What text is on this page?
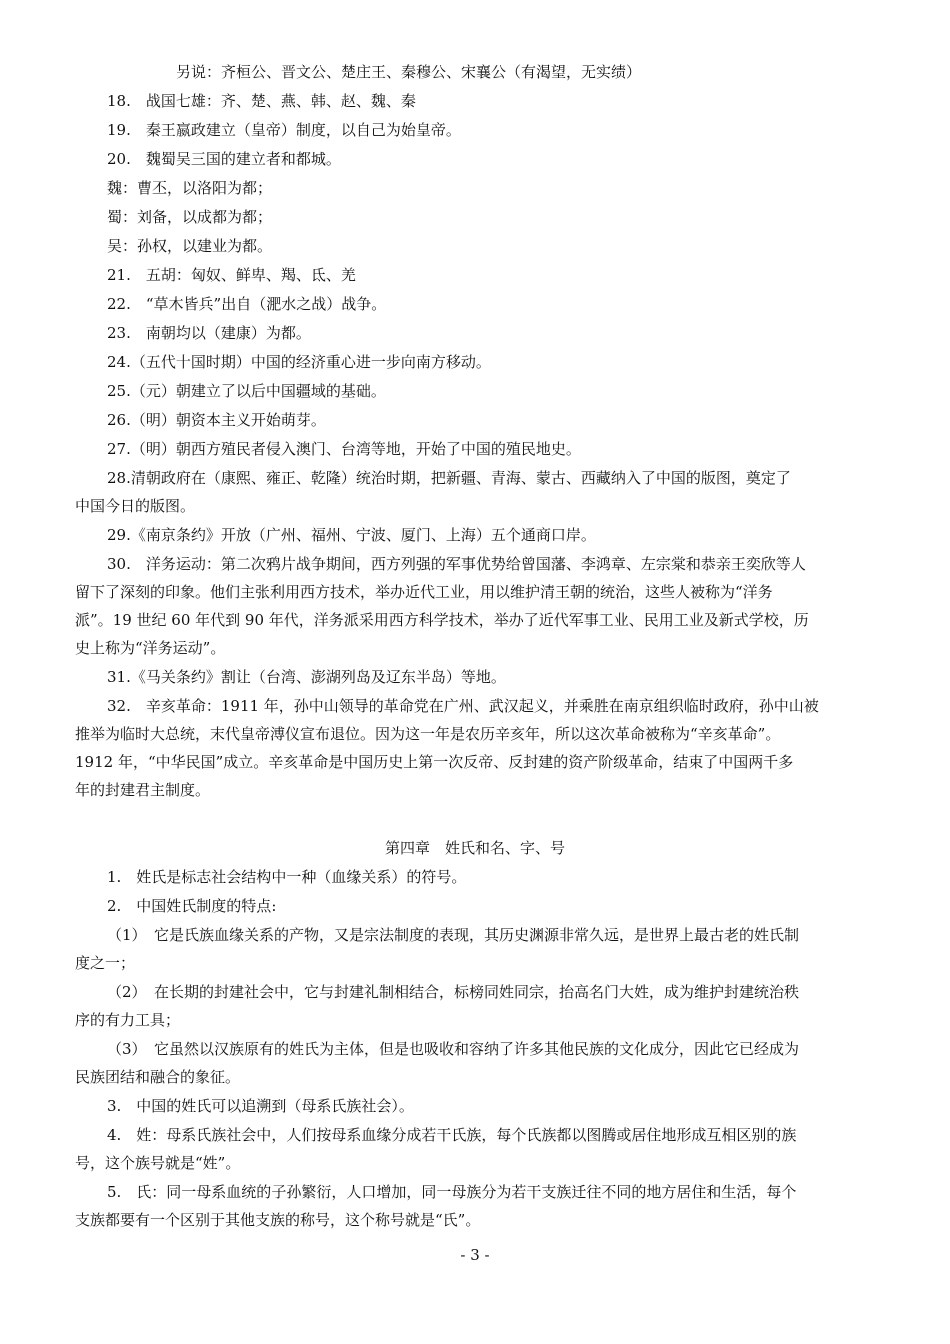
另说：齐桓公、晋文公、楚庄王、秦穆公、宋襄公（有渴望，无实绩）
18.　战国七雄：齐、楚、燕、韩、赵、魏、秦
19.　秦王嬴政建立（皇帝）制度，以自己为始皇帝。
20.　魏蜀吴三国的建立者和都城。
魏：曹丕，以洛阳为都；
蜀：刘备，以成都为都；
吴：孙权，以建业为都。
21.　五胡：匈奴、鲜卑、羯、氐、羌
22.　“草木皆兵”出自（淝水之战）战争。
23.　南朝均以（建康）为都。
24.（五代十国时期）中国的经济重心进一步向南方移动。
25.（元）朝建立了以后中国疆域的基础。
26.（明）朝资本主义开始萌芽。
27.（明）朝西方殖民者侵入澳门、台湾等地，开始了中国的殖民地史。
28.清朝政府在（康熙、雍正、乾隆）统治时期，把新疆、青海、蒙古、西藏纳入了中国的版图，奠定了
中国今日的版图。
29.《南京条约》开放（广州、福州、宁波、厦门、上海）五个通商口岸。
30.　洋务运动：第二次鸦片战争期间，西方列强的军事优势给曾国藩、李鸿章、左宗棠和恭亲王奕欣等人
留下了深刻的印象。他们主张利用西方技术，举办近代工业，用以维护清王朝的统治，这些人被称为“洋务
派”。19 世纪 60 年代到 90 年代，洋务派采用西方科学技术，举办了近代军事工业、民用工业及新式学校，历
史上称为“洋务运动”。
31.《马关条约》割让（台湾、澎湖列岛及辽东半岛）等地。
32.　辛亥革命：1911 年，孙中山领导的革命党在广州、武汉起义，并乘胜在南京组织临时政府，孙中山被
推举为临时大总统，末代皇帝溥仪宣布退位。因为这一年是农历辛亥年，所以这次革命被称为“辛亥革命”。
1912 年，“中华民国”成立。辛亥革命是中国历史上第一次反帝、反封建的资产阶级革命，结束了中国两千多
年的封建君主制度。
第四章　姓氏和名、字、号
1.　姓氏是标志社会结构中一种（血缘关系）的符号。
2.　中国姓氏制度的特点:
（1）　它是氏族血缘关系的产物，又是宗法制度的表现，其历史渊源非常久远，是世界上最古老的姓氏制
度之一；
（2）　在长期的封建社会中，它与封建礼制相结合，标榜同姓同宗，抬高名门大姓，成为维护封建统治秩
序的有力工具；
（3）　它虽然以汉族原有的姓氏为主体，但是也吸收和容纳了许多其他民族的文化成分，因此它已经成为
民族团结和融合的象征。
3.　中国的姓氏可以追溯到（母系氏族社会）。
4.　姓：母系氏族社会中，人们按母系血缘分成若干氏族，每个氏族都以图腾或居住地形成互相区别的族
号，这个族号就是“姓”。
5.　氏：同一母系血统的子孙繁衍，人口增加，同一母族分为若干支族迁往不同的地方居住和生活，每个
支族都要有一个区别于其他支族的称号，这个称号就是“氏”。
- 3 -
